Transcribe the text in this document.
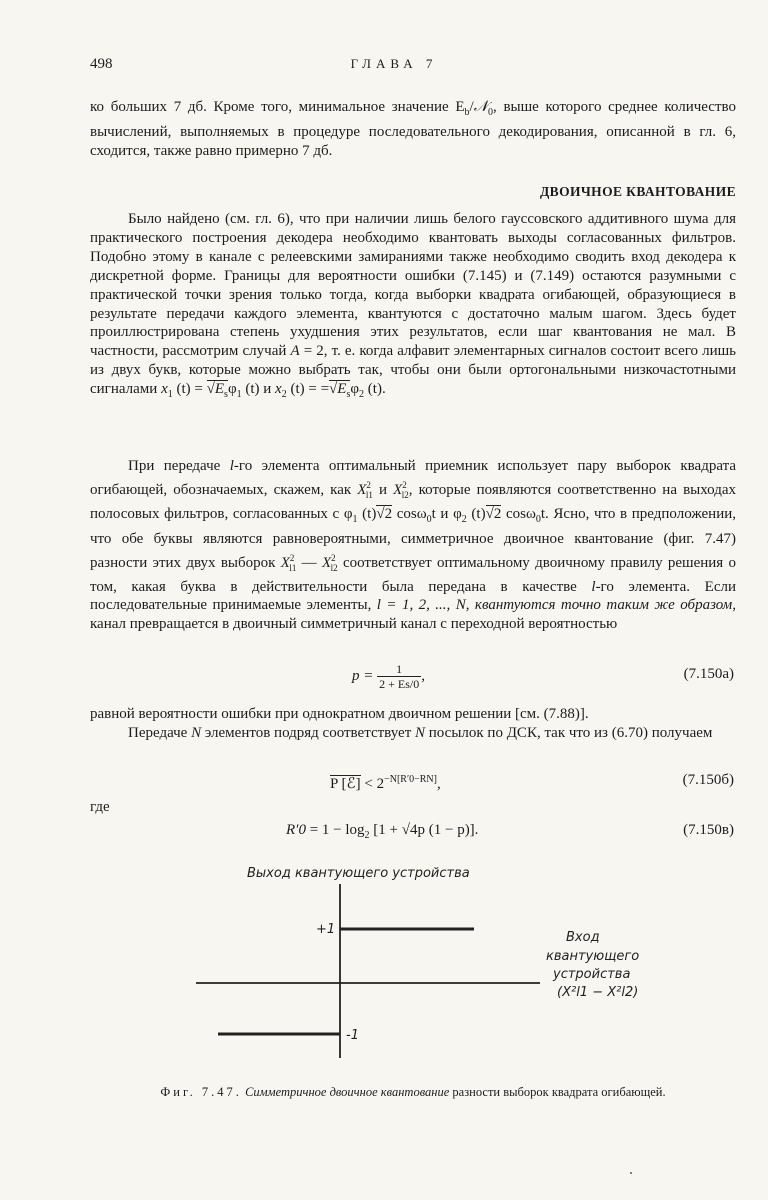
498	ГЛАВА 7

ко больших 7 дб. Кроме того, минимальное значение $E_b/𝒩_0$, выше которого среднее количество вычислений, выполняемых в процедуре последовательного декодирования, описанной в гл. 6, сходится, также равно примерно 7 дб.

ДВОИЧНОЕ КВАНТОВАНИЕ

Было найдено (см. гл. 6), что при наличии лишь белого гауссовского аддитивного шума для практического построения декодера необходимо квантовать выходы согласованных фильтров. Подобно этому в канале с релеевскими замираниями также необходимо сводить вход декодера к дискретной форме. Границы для вероятности ошибки (7.145) и (7.149) остаются разумными с практической точки зрения только тогда, когда выборки квадрата огибающей, образующиеся в результате передачи каждого элемента, квантуются с достаточно малым шагом. Здесь будет проиллюстрирована степень ухудшения этих результатов, если шаг квантования не мал. В частности, рассмотрим случай A = 2, т. е. когда алфавит элементарных сигналов состоит всего лишь из двух букв, которые можно выбрать так, чтобы они были ортогональными низкочастотными сигналами $x_1$ $(t) = √E_s\varphi_1$ (t) и $x_2$ $(t) = =√E_s\varphi_2$ (t).

При передаче l-го элемента оптимальный приемник использует пару выборок квадрата огибающей, обозначаемых, скажем, как $X^2_{l1}$ и $X^2_{l2}$, которые появляются соответственно на выходах полосовых фильтров, согласованных с $\varphi_1$ (t)√2 cosω$_0$t и $\varphi_2$ (t)√2 cosω$_0$t. Ясно, что в предположении, что обе буквы являются равновероятными, симметричное двоичное квантование (фиг. 7.47) разности этих двух выборок $X^2_{l1}$ — $X^2_{l2}$ соответствует оптимальному двоичному правилу решения о том, какая буква в действительности была передана в качестве l-го элемента. Если последовательные принимаемые элементы, l = 1, 2, ..., N, квантуются точно таким же образом, канал превращается в двоичный симметричный канал с переходной вероятностью

$p = \frac{1}{2 + Es/0}$ ,	(7.150а)

равной вероятности ошибки при однократном двоичном решении [см. (7.88)].

Передаче N элементов подряд соответствует N посылок по ДСК, так что из (6.70) получаем

P [ℰ] < $2^{-N[R'0-RN]}$,	(7.150б)
где
$R'0 = 1 - \log_2 [1 + √4p$ (1 − p)].	(7.150в)
Выход квантующего устройства
+1
-1
Вход
квантующего
устройства
(X²l1 − X²l2)
Фиг. 7.47. Симметричное двоичное квантование разности выборок квадрата огибающей.
